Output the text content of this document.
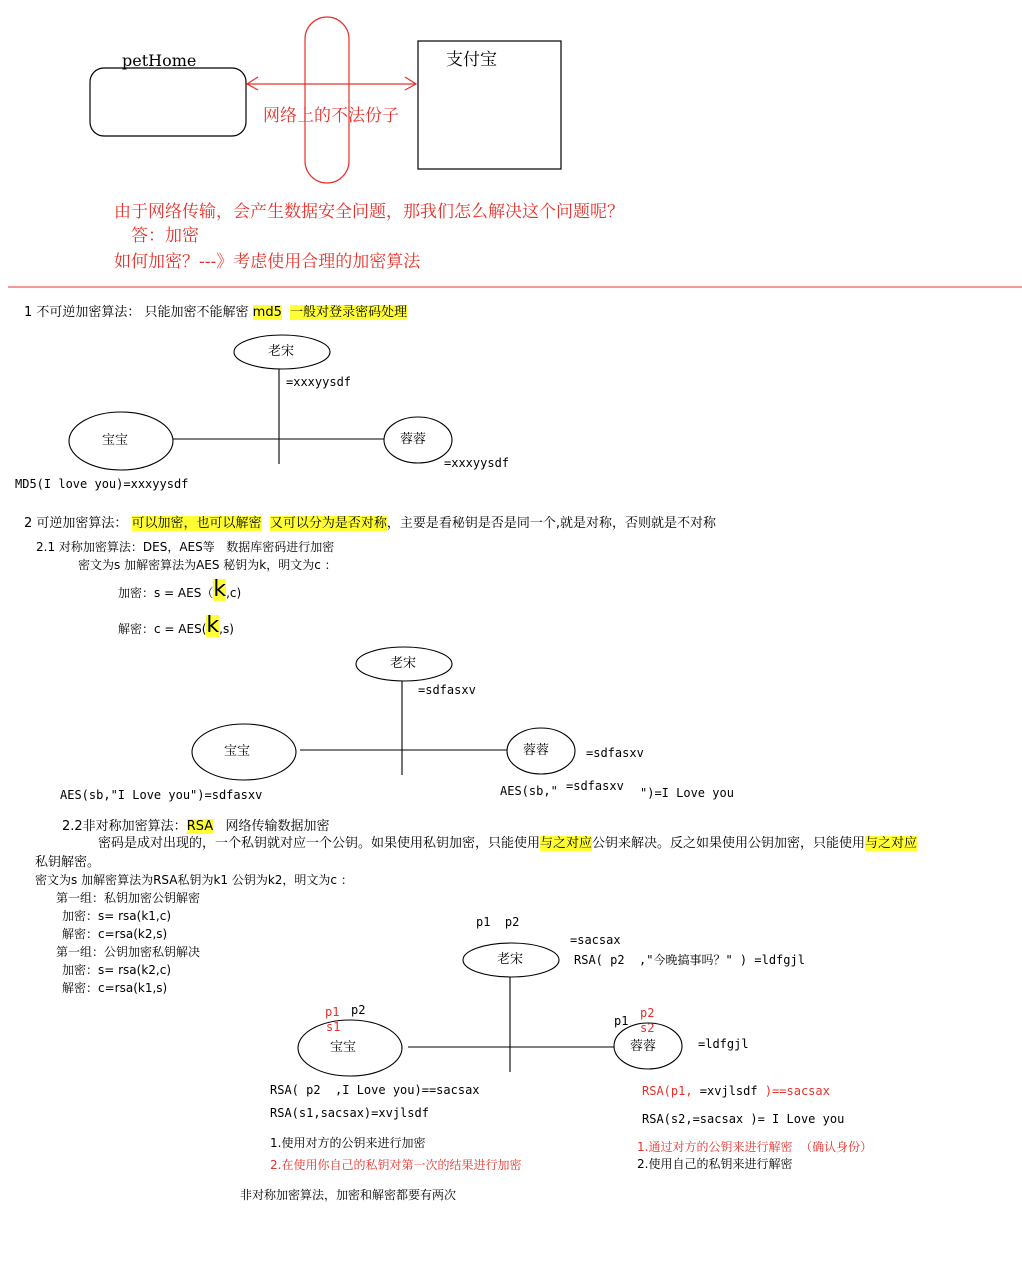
petHome	支付宝
网络上的不法份子
由于网络传输，会产生数据安全问题，那我们怎么解决这个问题呢？
答：加密
如何加密？---》考虑使用合理的加密算法
1 不可逆加密算法： 只能加密不能解密 md5 一般对登录密码处理
老宋
宝宝	蓉蓉
=xxxyysdf
=xxxyysdf
MD5(I love you)=xxxyysdf
2 可逆加密算法： 可以加密，也可以解密 又可以分为是否对称，主要是看秘钥是否是同一个,就是对称，否则就是不对称
2.1 对称加密算法：DES，AES等   数据库密码进行加密
密文为s 加解密算法为AES 秘钥为k，明文为c ：
加密：s = AES（ k ,c)
解密：c = AES( k ,s)
老宋
宝宝	蓉蓉
=sdfasxv
=sdfasxv
AES(sb,"I Love you")=sdfasxv	AES(sb," =sdfasxv ")=I Love you
2.2非对称加密算法：RSA   网络传输数据加密
密码是成对出现的，一个私钥就对应一个公钥。如果使用私钥加密，只能使用与之对应公钥来解决。反之如果使用公钥加密，只能使用与之对应
私钥解密。
密文为s 加解密算法为RSA私钥为k1 公钥为k2，明文为c ：
第一组：私钥加密公钥解密
加密：s= rsa(k1,c)
解密：c=rsa(k2,s)
第一组：公钥加密私钥解决
加密：s= rsa(k2,c)
解密：c=rsa(k1,s)
老宋
宝宝	蓉蓉
p1  p2
=sacsax
RSA( p2  ,"今晚搞事吗？" ) =ldfgjl
p1 p2
s1	p1
p2
s2
=ldfgjl
RSA( p2  ,I Love you)==sacsax
RSA(s1,sacsax)=xvjlsdf
1.使用对方的公钥来进行加密
2.在使用你自己的私钥对第一次的结果进行加密
RSA(p1, =xvjlsdf )==sacsax
RSA(s2,=sacsax )= I Love you
1.通过对方的公钥来进行解密  （确认身份）
2.使用自己的私钥来进行解密
非对称加密算法，加密和解密都要有两次
